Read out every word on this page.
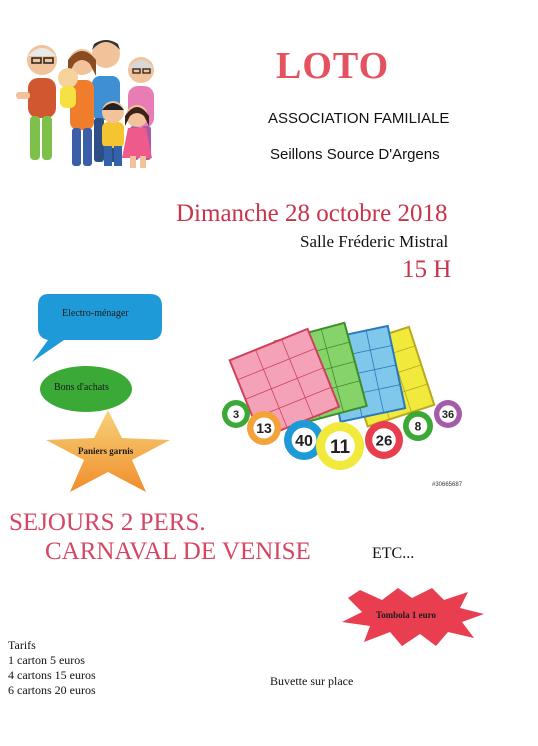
LOTO
ASSOCIATION FAMILIALE
Seillons Source D'Argens
Dimanche 28 octobre 2018
Salle Fréderic Mistral
15 H
Electro-ménager
Bons d'achats
Paniers garnis
3
13
40 11 26
8
36
#30665687
SEJOURS 2 PERS.
CARNAVAL DE VENISE	ETC...
Tombola 1 euro
Tarifs
1 carton 5 euros
4 cartons 15 euros
6 cartons 20 euros
Buvette sur place
